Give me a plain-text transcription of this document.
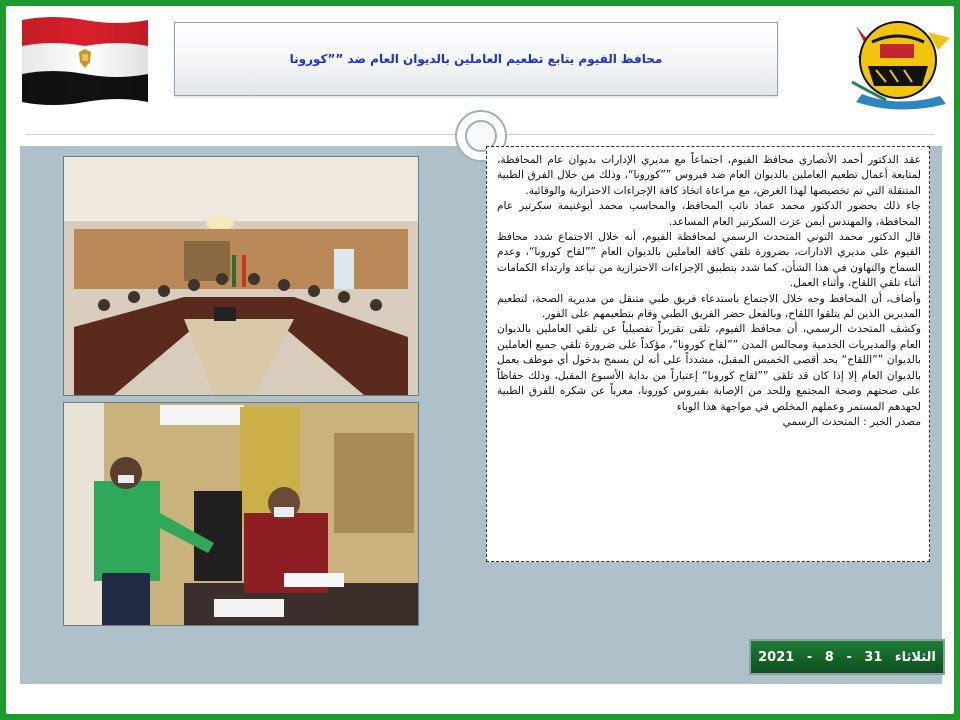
محافظ الفيوم يتابع تطعيم العاملين بالديوان العام ضد ””كورونا

عقد الدكتور أحمد الأنصاري محافظ الفيوم، اجتماعاً مع مديري الإدارات بديوان عام المحافظة، لمتابعة أعمال تطعيم العاملين بالديوان العام ضد فيروس ””كورونا“، وذلك من خلال الفرق الطبية المتنقلة التي تم تخصيصها لهذا الغرض، مع مراعاة اتخاذ كافة الإجراءات الاحترازية والوقائية.

جاء ذلك بحضور الدكتور محمد عماد نائب المحافظ، والمحاسب محمد أبوغنيمة سكرتير عام المحافظة، والمهندس أيمن عزت السكرتير العام المساعد.

قال الدكتور محمد التوني المتحدث الرسمي لمحافظة الفيوم، أنه خلال الاجتماع شدد محافظ الفيوم على مديري الادارات، بضرورة تلقي كافة العاملين بالديوان العام ””لقاح كورونا“، وعدم السماح والتهاون في هذا الشأن، كما شدد بتطبيق الإجراءات الاحترازية من تباعد وارتداء الكمامات أثناء تلقي اللقاح، وأثناء العمل.

وأضاف، أن المحافظ وجه خلال الاجتماع باستدعاء فريق طبي متنقل من مديرية الصحة، لتطعيم المديرين الذين لم يتلقوا اللقاح، وبالفعل حضر الفريق الطبي وقام بتطعيمهم على الفور.

وكشف المتحدث الرسمي، أن محافظ الفيوم، تلقى تقريراً تفصيلياً عن تلقي العاملين بالديوان العام والمديريات الخدمية ومجالس المدن ””لقاح كورونا“، مؤكداً على ضرورة تلقي جميع العاملين بالديوان ””اللقاح“ بحد أقصى الخميس المقبل، مشدداً على أنه لن يسمح بدخول أي موظف يعمل بالديوان العام إلا إذا كان قد تلقى ””لقاح كورونا“ إعتباراً من بداية الأسبوع المقبل، وذلك حفاظاً على صحتهم وصحة المجتمع وللحد من الإصابة بفيروس كورونا، معرباً عن شكره للفرق الطبية لجهدهم المستمر وعملهم المخلص في مواجهة هذا الوباء

مصدر الخبر : المتحدث الرسمي

الثلاثاء 31 - 8 - 2021
